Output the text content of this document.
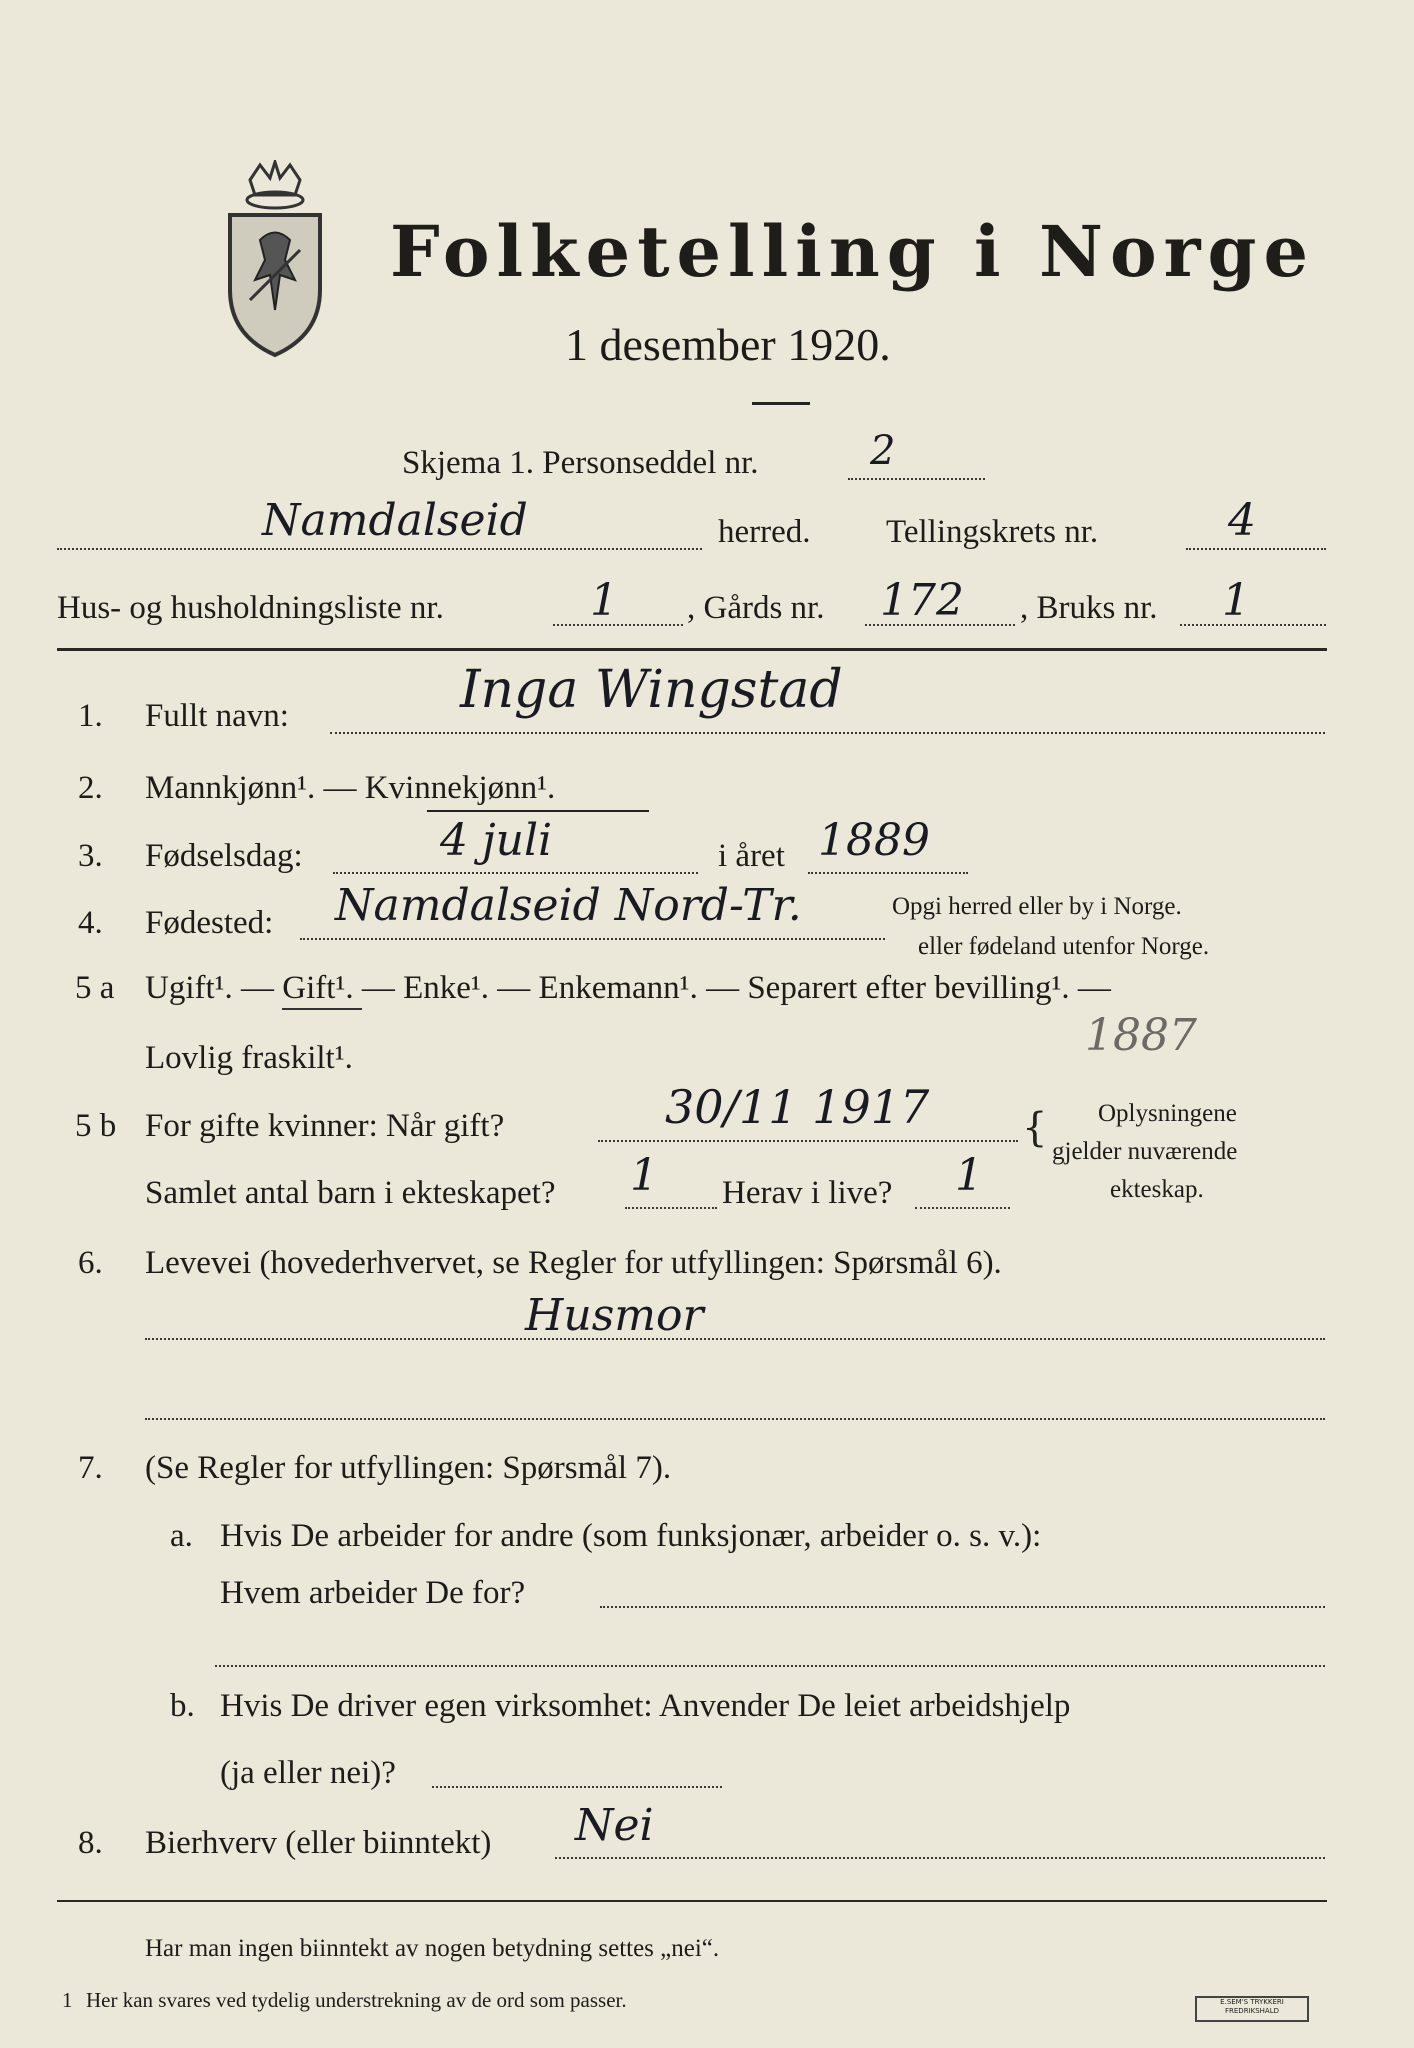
Folketelling i Norge
1 desember 1920.
Skjema 1. Personseddel nr.	2
Namdalseid	herred. Tellingskrets nr.	4
Hus- og husholdningsliste nr.	1 , Gårds nr. 172 , Bruks nr. 1
1. Fullt navn:	Inga Wingstad
2. Mannkjønn¹. — Kvinnekjønn¹.
3. Fødselsdag:	4 juli	i året 1889
4. Fødested: Namdalseid Nord-Tr.	Opgi herred eller by i Norge.
eller fødeland utenfor Norge.
5 a Ugift¹. — Gift¹. — Enke¹. — Enkemann¹. — Separert efter bevilling¹. —
Lovlig fraskilt¹.	1887
5 b For gifte kvinner: Når gift?	30/11 1917
Samlet antal barn i ekteskapet? 1 Herav i live? 1
{ Oplysningene
gjelder nuværende
ekteskap.
6. Levevei (hovederhvervet, se Regler for utfyllingen: Spørsmål 6).
Husmor
7. (Se Regler for utfyllingen: Spørsmål 7).
a. Hvis De arbeider for andre (som funksjonær, arbeider o. s. v.):
Hvem arbeider De for?
b. Hvis De driver egen virksomhet: Anvender De leiet arbeidshjelp
(ja eller nei)?
8. Bierhverv (eller biinntekt) Nei
Har man ingen biinntekt av nogen betydning settes „nei“.
1 Her kan svares ved tydelig understrekning av de ord som passer.	E.SEM'S TRYKKERI
FREDRIKSHALD
